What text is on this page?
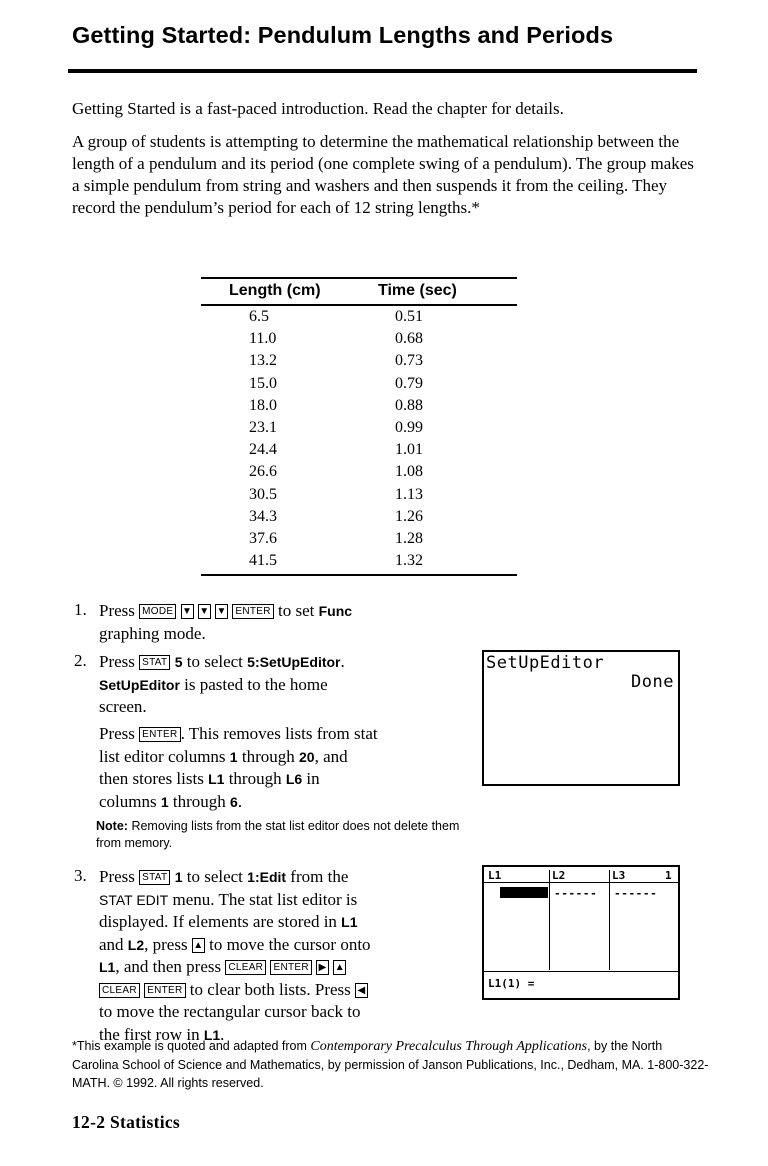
Getting Started: Pendulum Lengths and Periods
Getting Started is a fast-paced introduction. Read the chapter for details.
A group of students is attempting to determine the mathematical relationship between the length of a pendulum and its period (one complete swing of a pendulum). The group makes a simple pendulum from string and washers and then suspends it from the ceiling. They record the pendulum’s period for each of 12 string lengths.*
Length (cm)	Time (sec)
6.5	0.51
11.0	0.68
13.2	0.73
15.0	0.79
18.0	0.88
23.1	0.99
24.4	1.01
26.6	1.08
30.5	1.13
34.3	1.26
37.6	1.28
41.5	1.32
1. Press MODE ▼ ▼ ▼ ENTER to set Func
graphing mode.
2. Press STAT 5 to select 5:SetUpEditor.
SetUpEditor is pasted to the home
screen.
Press ENTER . This removes lists from stat
list editor columns 1 through 20, and
then stores lists L1 through L6 in
columns 1 through 6.
SetUpEditor
Done
Note: Removing lists from the stat list editor does not delete them from memory.
3. Press STAT 1 to select 1:Edit from the
STAT EDIT menu. The stat list editor is
displayed. If elements are stored in L1
and L2, press ▲ to move the cursor onto
L1, and then press CLEAR ENTER ▶ ▲
CLEAR ENTER to clear both lists. Press ◀
to move the rectangular cursor back to
the first row in L1.
L1	L2	L3	1
------ ------
L1(1) =
*This example is quoted and adapted from Contemporary Precalculus Through Applications, by the North Carolina School of Science and Mathematics, by permission of Janson Publications, Inc., Dedham, MA. 1-800-322-MATH. © 1992. All rights reserved.
12-2 Statistics
